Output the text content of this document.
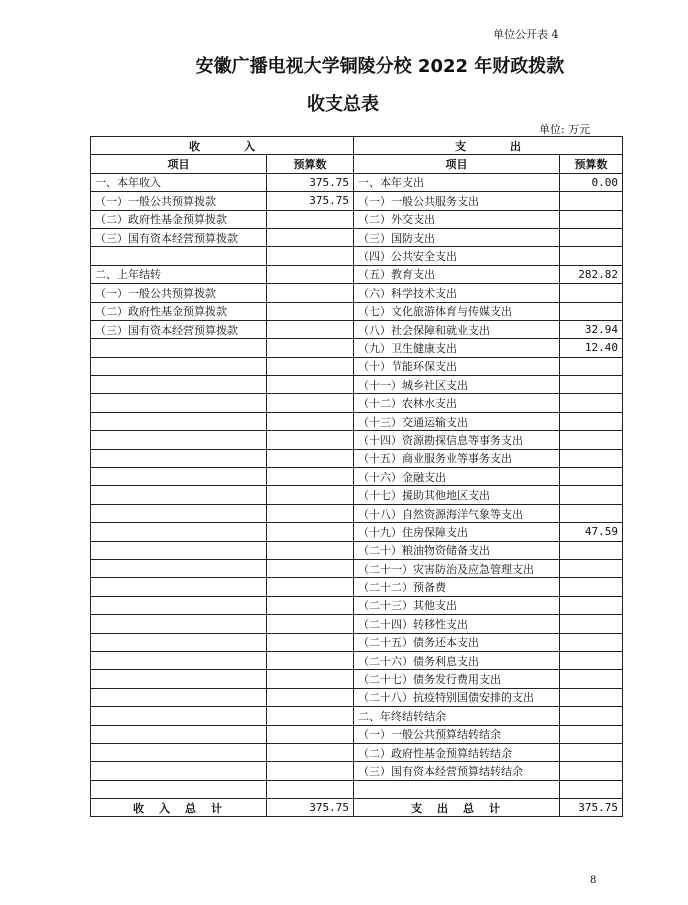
单位公开表 4
安徽广播电视大学铜陵分校 2022 年财政拨款
收支总表
单位: 万元
收　　　　入		支　　　　出	
项目	预算数	项目	预算数
一、本年收入	375.75	一、本年支出	0.00
（一）一般公共预算拨款	375.75	（一）一般公共服务支出	
（二）政府性基金预算拨款		（二）外交支出	
（三）国有资本经营预算拨款		（三）国防支出	
		（四）公共安全支出	
二、上年结转		（五）教育支出	282.82
（一）一般公共预算拨款		（六）科学技术支出	
（二）政府性基金预算拨款		（七）文化旅游体育与传媒支出	
（三）国有资本经营预算拨款		（八）社会保障和就业支出	32.94
		（九）卫生健康支出	12.40
		（十）节能环保支出	
		（十一）城乡社区支出	
		（十二）农林水支出	
		（十三）交通运输支出	
		（十四）资源勘探信息等事务支出	
		（十五）商业服务业等事务支出	
		（十六）金融支出	
		（十七）援助其他地区支出	
		（十八）自然资源海洋气象等支出	
		（十九）住房保障支出	47.59
		（二十）粮油物资储备支出	
		（二十一）灾害防治及应急管理支出	
		（二十二）预备费	
		（二十三）其他支出	
		（二十四）转移性支出	
		（二十五）债务还本支出	
		（二十六）债务利息支出	
		（二十七）债务发行费用支出	
		（二十八）抗疫特别国债安排的支出	
		二、年终结转结余	
		（一）一般公共预算结转结余	
		（二）政府性基金预算结转结余	
		（三）国有资本经营预算结转结余	

收　入　总　计	375.75	支　出　总　计	375.75
8
